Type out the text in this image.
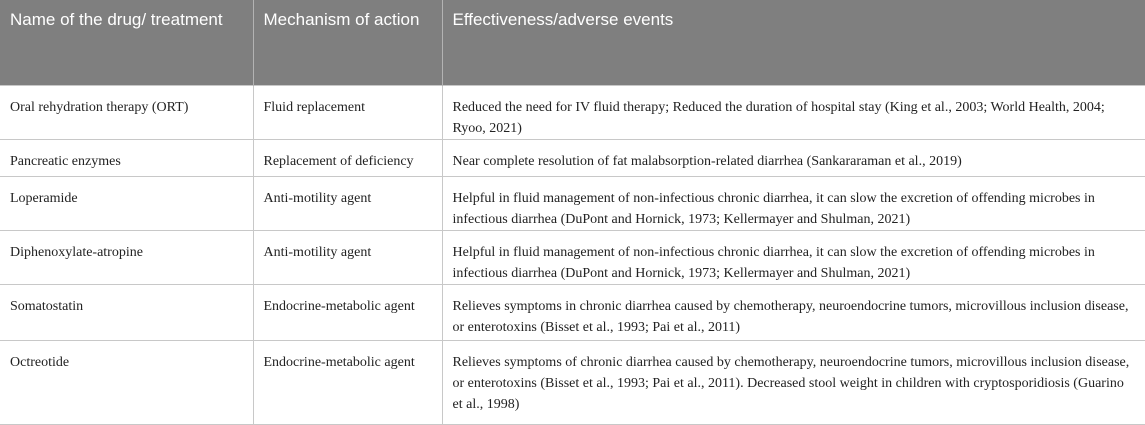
Name of the drug/ treatment	Mechanism of action	Effectiveness/adverse events
Oral rehydration therapy (ORT)	Fluid replacement	Reduced the need for IV fluid therapy; Reduced the duration of hospital stay (King et al., 2003; World Health, 2004; Ryoo, 2021)
Pancreatic enzymes	Replacement of deficiency	Near complete resolution of fat malabsorption-related diarrhea (Sankararaman et al., 2019)
Loperamide	Anti-motility agent	Helpful in fluid management of non-infectious chronic diarrhea, it can slow the excretion of offending microbes in infectious diarrhea (DuPont and Hornick, 1973; Kellermayer and Shulman, 2021)
Diphenoxylate-atropine	Anti-motility agent	Helpful in fluid management of non-infectious chronic diarrhea, it can slow the excretion of offending microbes in infectious diarrhea (DuPont and Hornick, 1973; Kellermayer and Shulman, 2021)
Somatostatin	Endocrine-metabolic agent	Relieves symptoms in chronic diarrhea caused by chemotherapy, neuroendocrine tumors, microvillous inclusion disease, or enterotoxins (Bisset et al., 1993; Pai et al., 2011)
Octreotide	Endocrine-metabolic agent	Relieves symptoms of chronic diarrhea caused by chemotherapy, neuroendocrine tumors, microvillous inclusion disease, or enterotoxins (Bisset et al., 1993; Pai et al., 2011). Decreased stool weight in children with cryptosporidiosis (Guarino et al., 1998)
